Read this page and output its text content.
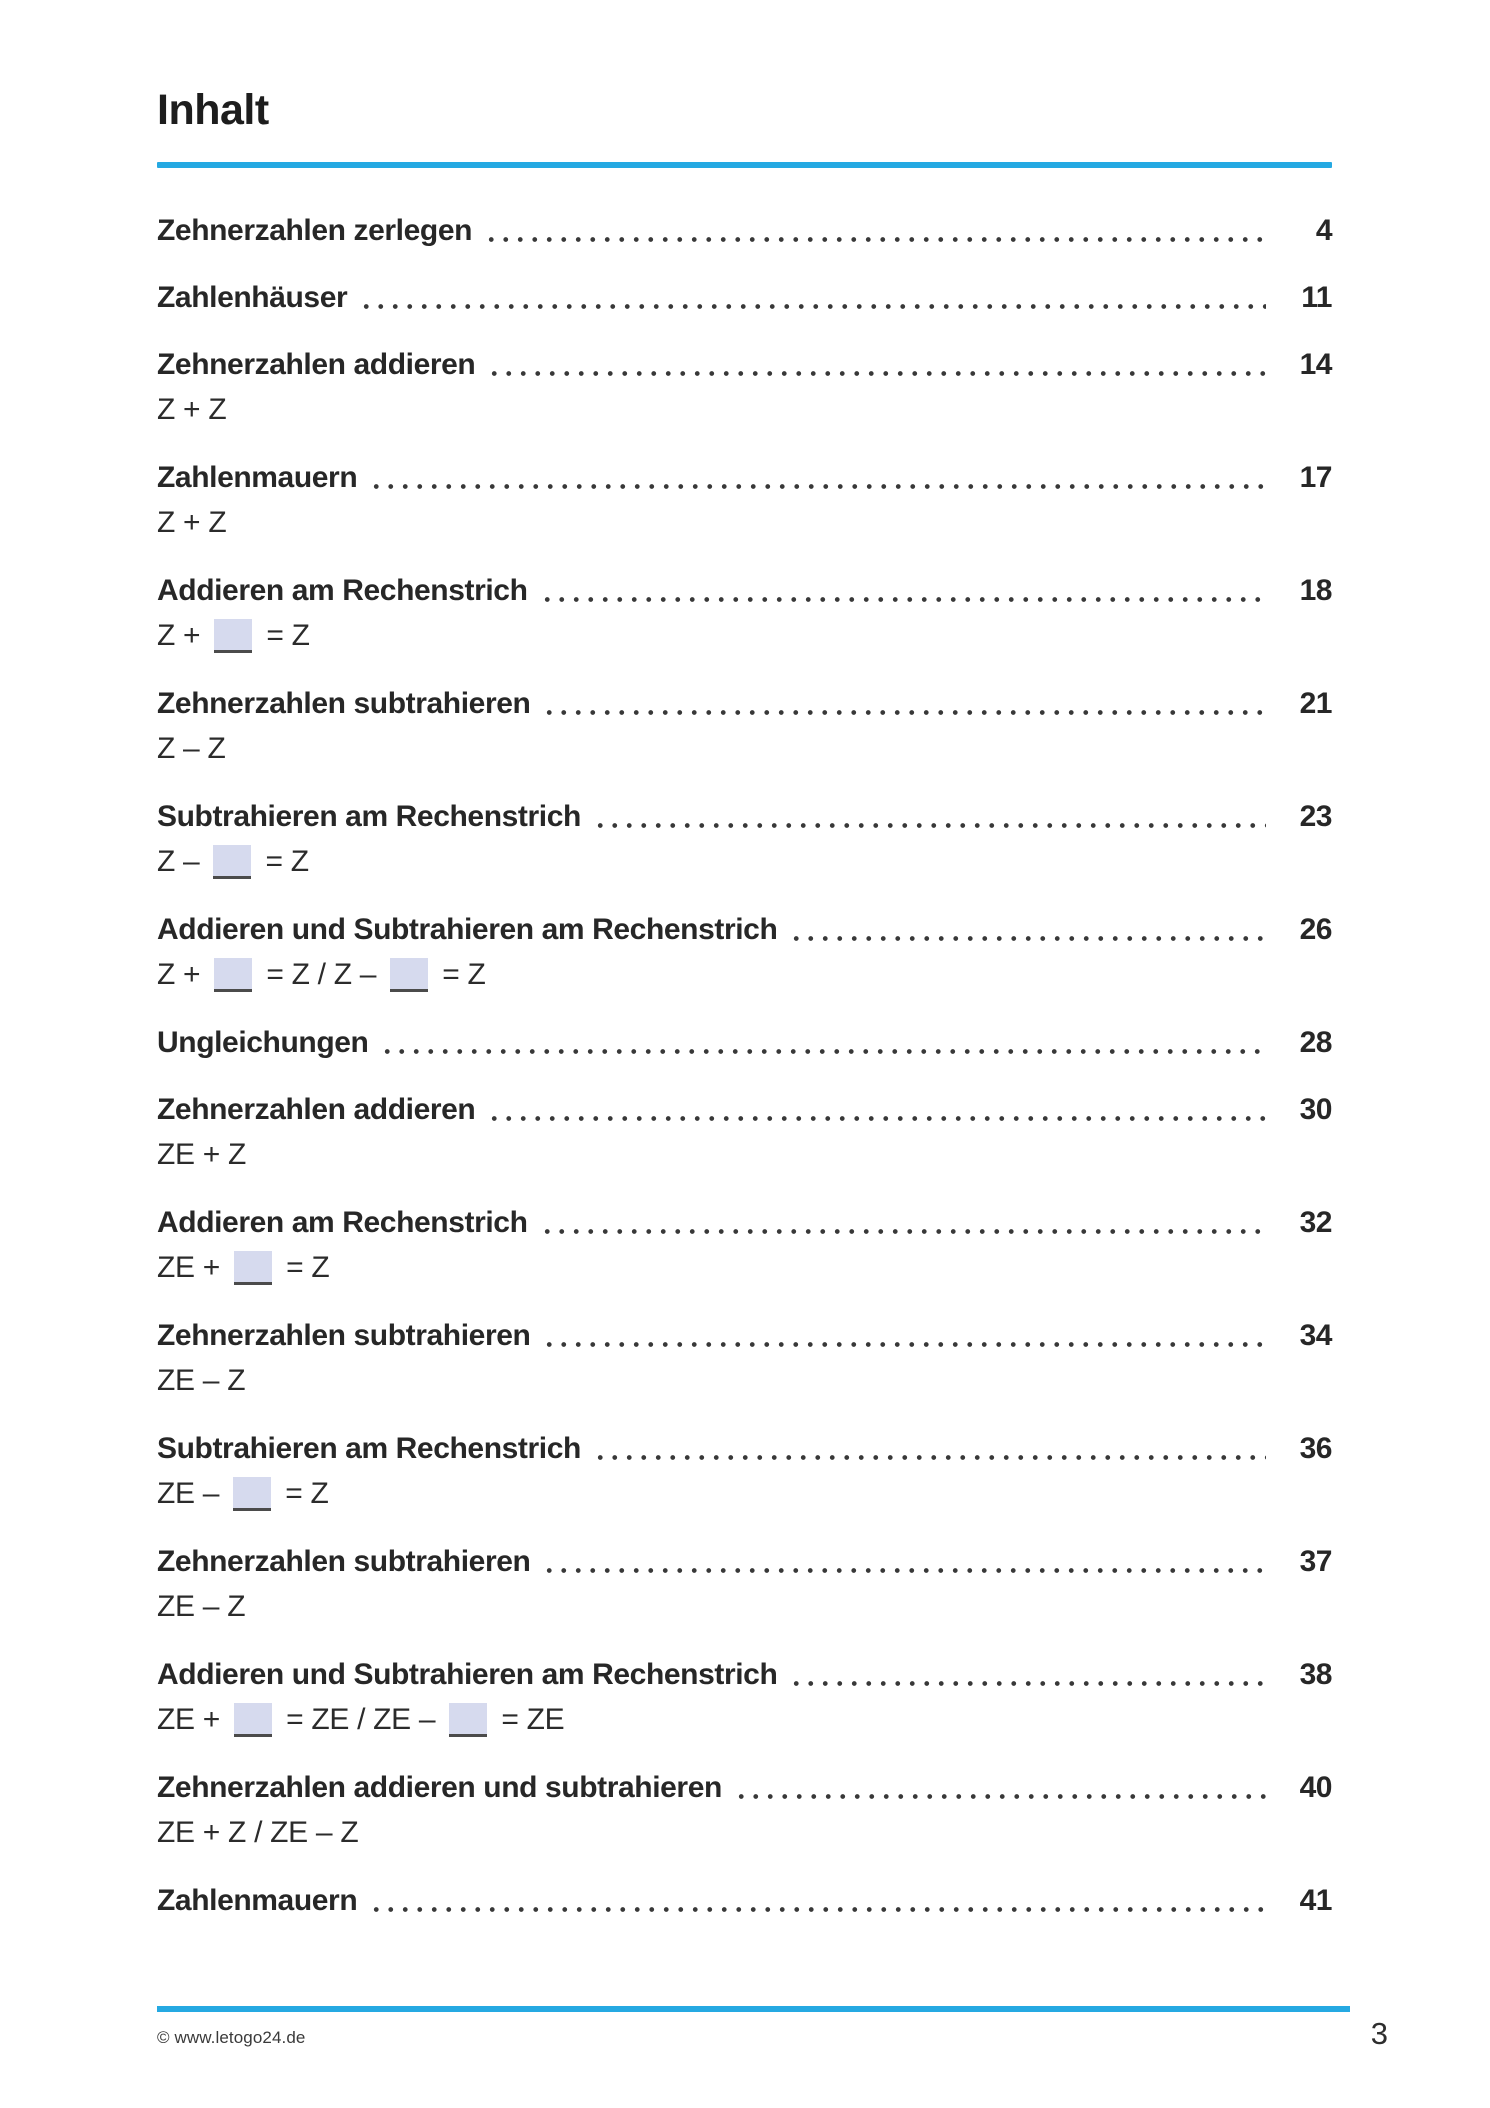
Inhalt
Zehnerzahlen zerlegen	4
Zahlenhäuser	11
Zehnerzahlen addieren	14
Z + Z
Zahlenmauern	17
Z + Z
Addieren am Rechenstrich	18
Z +  = Z
Zehnerzahlen subtrahieren	21
Z – Z
Subtrahieren am Rechenstrich	23
Z –  = Z
Addieren und Subtrahieren am Rechenstrich	26
Z +  = Z / Z –  = Z
Ungleichungen	28
Zehnerzahlen addieren	30
ZE + Z
Addieren am Rechenstrich	32
ZE +  = Z
Zehnerzahlen subtrahieren	34
ZE – Z
Subtrahieren am Rechenstrich	36
ZE –  = Z
Zehnerzahlen subtrahieren	37
ZE – Z
Addieren und Subtrahieren am Rechenstrich	38
ZE +  = ZE / ZE –  = ZE
Zehnerzahlen addieren und subtrahieren	40
ZE + Z / ZE – Z
Zahlenmauern	41
© www.letogo24.de	3
